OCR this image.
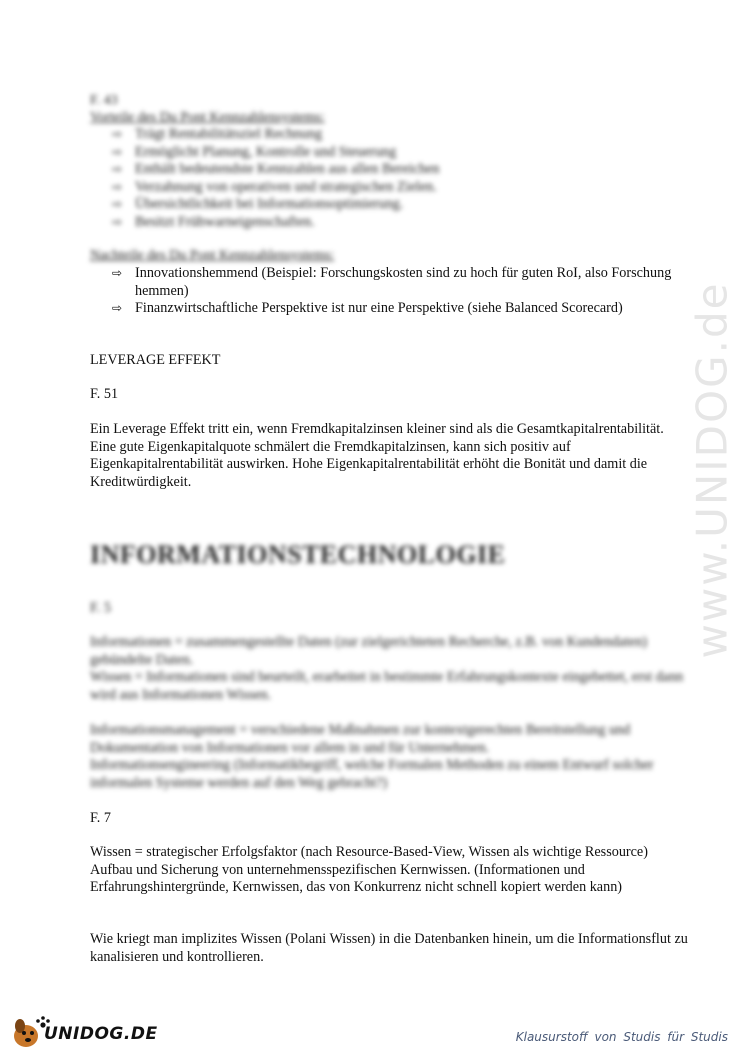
F. 43
Vorteile des Du Pont Kennzahlensystems:
⇨ Trägt Rentabilitätsziel Rechnung
⇨ Ermöglicht Planung, Kontrolle und Steuerung
⇨ Enthält bedeutendste Kennzahlen aus allen Bereichen
⇨ Verzahnung von operativen und strategischen Zielen.
⇨ Übersichtlichkeit bei Informationsoptimierung.
⇨ Besitzt Frühwarneigenschaften.
Nachteile des Du Pont Kennzahlensystems:
⇨ Innovationshemmend (Beispiel: Forschungskosten sind zu hoch für guten RoI, also Forschung hemmen)
⇨ Finanzwirtschaftliche Perspektive ist nur eine Perspektive (siehe Balanced Scorecard)
LEVERAGE EFFEKT
F. 51

Ein Leverage Effekt tritt ein, wenn Fremdkapitalzinsen kleiner sind als die Gesamtkapitalrentabilität.

Eine gute Eigenkapitalquote schmälert die Fremdkapitalzinsen, kann sich positiv auf Eigenkapitalrentabilität auswirken. Hohe Eigenkapitalrentabilität erhöht die Bonität und damit die Kreditwürdigkeit.

INFORMATIONSTECHNOLOGIE
F. 5

Informationen = zusammengestellte Daten (zur zielgerichteten Recherche, z.B. von Kundendaten) gebündelte Daten.

Wissen = Informationen sind beurteilt, erarbeitet in bestimmte Erfahrungskontexte eingebettet, erst dann wird aus Informationen Wissen.

Informationsmanagement = verschiedene Maßnahmen zur kontextgerechten Bereitstellung und Dokumentation von Informationen vor allem in und für Unternehmen.

Informationsengineering (Informatikbegriff, welche Formalen Methoden zu einem Entwurf solcher informalen Systeme werden auf den Weg gebracht?)

F. 7

Wissen = strategischer Erfolgsfaktor (nach Resource-Based-View, Wissen als wichtige Ressource)

Aufbau und Sicherung von unternehmensspezifischen Kernwissen. (Informationen und Erfahrungshintergründe, Kernwissen, das von Konkurrenz nicht schnell kopiert werden kann)

Wie kriegt man implizites Wissen (Polani Wissen) in die Datenbanken hinein, um die Informationsflut zu kanalisieren und kontrollieren.

www.UNIDOG.de
UNIDOG.DE	Klausurstoff von Studis für Studis
